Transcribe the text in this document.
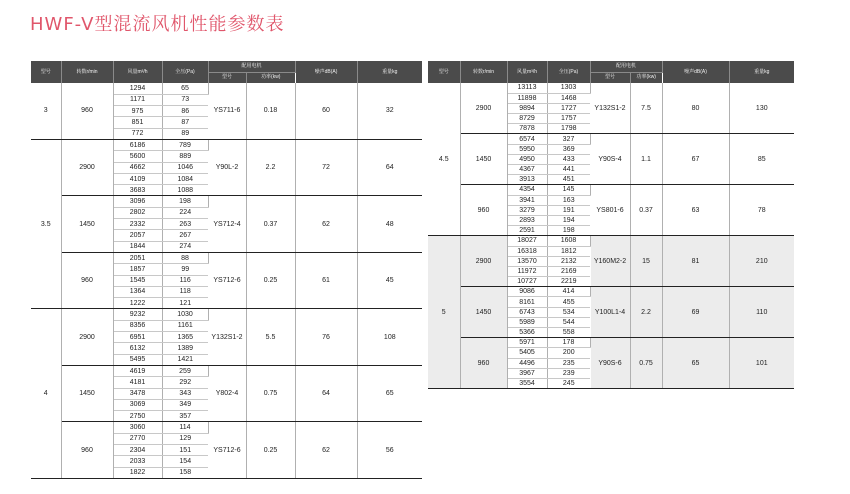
HWF-V型混流风机性能参数表
型号	转数r/min	风量m³/h	全压(Pa)	配用电机		噪声dB(A)	重量kg
				型号	功率(kw)		
3	960	1294	65	YS711-6	0.18	60	32
		1171	73				
		975	86				
		851	87				
		772	89				
3.5	2900	6186	789	Y90L-2	2.2	72	64
		5600	889				
		4662	1046				
		4109	1084				
		3683	1088				
	1450	3096	198	YS712-4	0.37	62	48
		2802	224				
		2332	263				
		2057	267				
		1844	274				
	960	2051	88	YS712-6	0.25	61	45
		1857	99				
		1545	116				
		1364	118				
		1222	121				
4	2900	9232	1030	Y132S1-2	5.5	76	108
		8356	1161				
		6951	1365				
		6132	1389				
		5495	1421				
	1450	4619	259	Y802-4	0.75	64	65
		4181	292				
		3478	343				
		3069	349				
		2750	357				
	960	3060	114	YS712-6	0.25	62	56
		2770	129				
		2304	151				
		2033	154				
		1822	158				
型号	转数r/min	风量m³/h	全压(Pa)	配用电机		噪声dB(A)	重量kg
				型号	功率(kw)		
4.5	2900	13113	1303	Y132S1-2	7.5	80	130
		11898	1468				
		9894	1727				
		8729	1757				
		7878	1798				
	1450	6574	327	Y90S-4	1.1	67	85
		5950	369				
		4950	433				
		4367	441				
		3913	451				
	960	4354	145	YS801-6	0.37	63	78
		3941	163				
		3279	191				
		2893	194				
		2591	198				
5	2900	18027	1608	Y160M2-2	15	81	210
		16318	1812				
		13570	2132				
		11972	2169				
		10727	2219				
	1450	9086	414	Y100L1-4	2.2	69	110
		8161	455				
		6743	534				
		5989	544				
		5366	558				
	960	5971	178	Y90S-6	0.75	65	101
		5405	200				
		4496	235				
		3967	239				
		3554	245				
